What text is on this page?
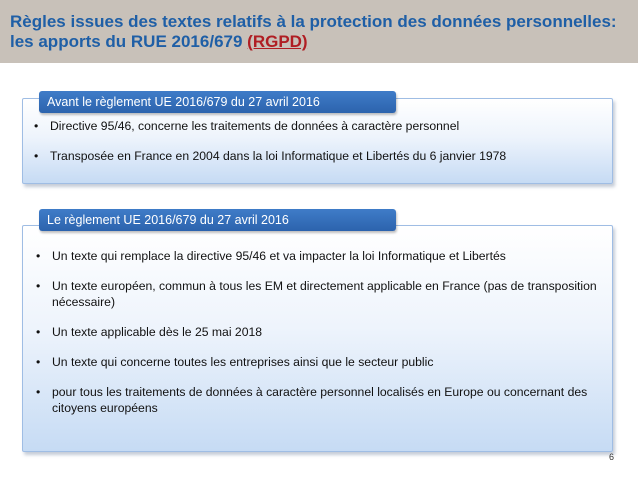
Règles issues des textes relatifs à la protection des données personnelles: les apports du RUE 2016/679 (RGPD)
Avant le règlement UE 2016/679 du 27 avril 2016
• Directive 95/46, concerne les traitements de données à caractère personnel
• Transposée en France en 2004 dans la loi Informatique et Libertés du 6 janvier 1978
Le règlement UE 2016/679 du 27 avril 2016
• Un texte qui remplace la directive 95/46 et va impacter la loi Informatique et Libertés
• Un texte européen, commun à tous les EM et directement applicable en France (pas de transposition nécessaire)
• Un texte applicable dès le 25 mai 2018
• Un texte qui concerne toutes les entreprises ainsi que le secteur public
• pour tous les traitements de données à caractère personnel localisés en Europe ou concernant des citoyens européens
6
